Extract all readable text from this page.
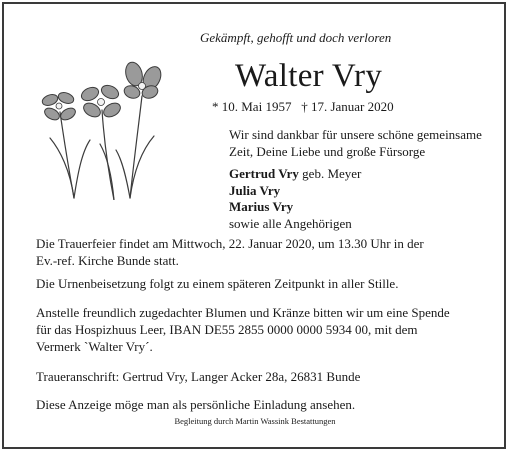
Gekämpft, gehofft und doch verloren
Walter Vry
* 10. Mai 1957   † 17. Januar 2020
Wir sind dankbar für unsere schöne gemeinsame
Zeit, Deine Liebe und große Fürsorge
Gertrud Vry geb. Meyer
Julia Vry
Marius Vry
sowie alle Angehörigen
Die Trauerfeier findet am Mittwoch, 22. Januar 2020, um 13.30 Uhr in der
Ev.-ref. Kirche Bunde statt.
Die Urnenbeisetzung folgt zu einem späteren Zeitpunkt in aller Stille.
Anstelle freundlich zugedachter Blumen und Kränze bitten wir um eine Spende
für das Hospizhuus Leer, IBAN DE55 2855 0000 0000 5934 00, mit dem
Vermerk `Walter Vry´.
Traueranschrift: Gertrud Vry, Langer Acker 28a, 26831 Bunde
Diese Anzeige möge man als persönliche Einladung ansehen.
Begleitung durch Martin Wassink Bestattungen
